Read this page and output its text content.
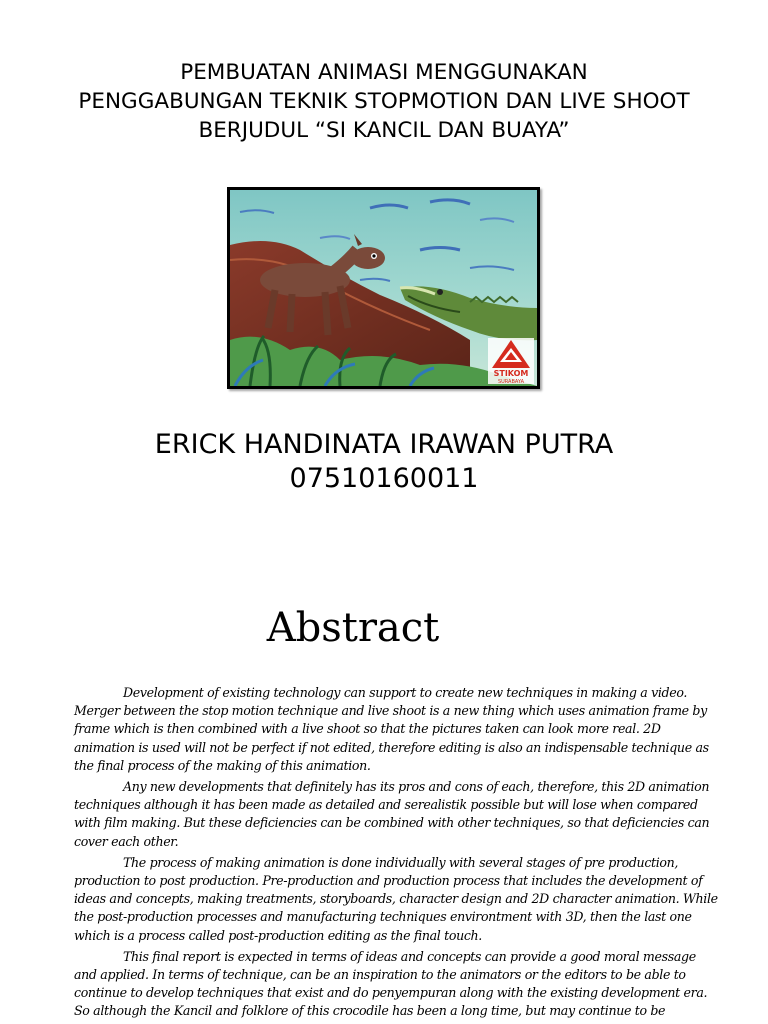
PEMBUATAN ANIMASI MENGGUNAKAN
PENGGABUNGAN TEKNIK STOPMOTION DAN LIVE SHOOT
BERJUDUL “SI KANCIL DAN BUAYA”
STIKOM
SURABAYA
ERICK HANDINATA IRAWAN PUTRA
07510160011
Abstract

Development of existing technology can support to create new techniques in making a video. Merger between the stop motion technique and live shoot is a new thing which uses animation frame by frame which is then combined with a live shoot so that the pictures taken can look more real. 2D animation is used will not be perfect if not edited, therefore editing is also an indispensable technique as the final process of the making of this animation.

Any new developments that definitely has its pros and cons of each, therefore, this 2D animation techniques although it has been made as detailed and serealistik possible but will lose when compared with film making. But these deficiencies can be combined with other techniques, so that deficiencies can cover each other.

The process of making animation is done individually with several stages of pre production, production to post production. Pre-production and production process that includes the development of ideas and concepts, making treatments, storyboards, character design and 2D character animation. While the post-production processes and manufacturing techniques environtment with 3D, then the last one which is a process called post-production editing as the final touch.

This final report is expected in terms of ideas and concepts can provide a good moral message and applied. In terms of technique, can be an inspiration to the animators or the editors to be able to continue to develop techniques that exist and do penyempuran along with the existing development era. So although the Kancil and folklore of this crocodile has been a long time, but may continue to be
